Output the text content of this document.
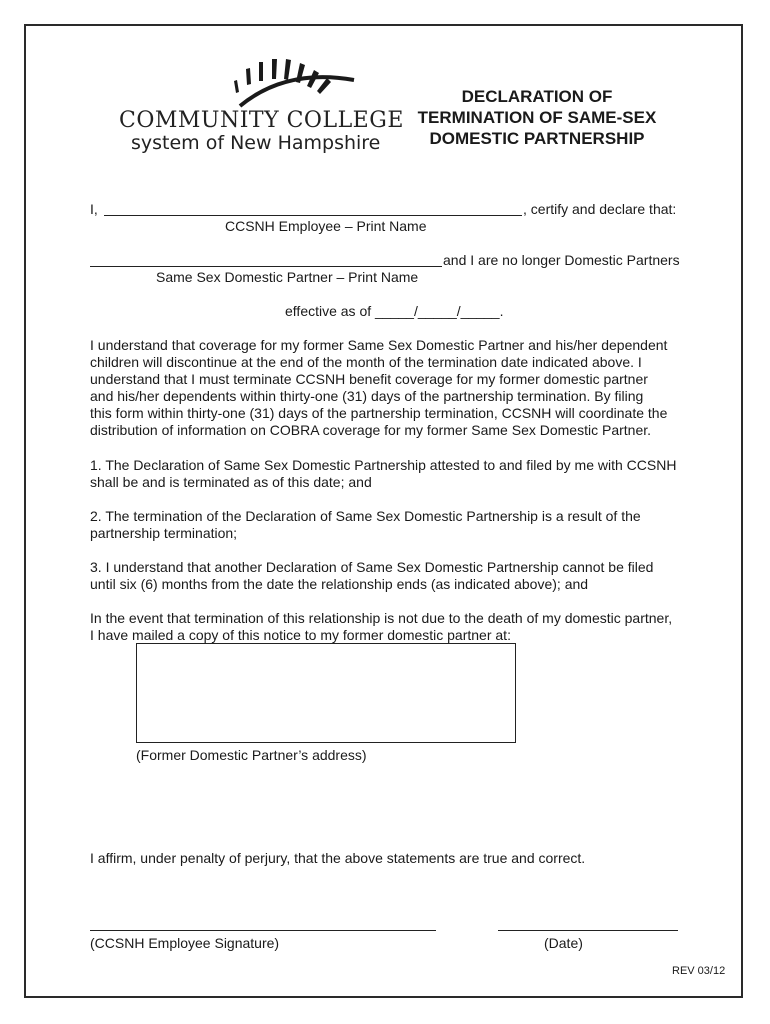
COMMUNITY COLLEGE
system of New Hampshire
DECLARATION OF
TERMINATION OF SAME-SEX
DOMESTIC PARTNERSHIP
I,	, certify and declare that:
CCSNH Employee – Print Name
and I are no longer Domestic Partners
Same Sex Domestic Partner – Print Name
effective as of _____/_____/_____.
I understand that coverage for my former Same Sex Domestic Partner and his/her dependent
children will discontinue at the end of the month of the termination date indicated above. I
understand that I must terminate CCSNH benefit coverage for my former domestic partner
and his/her dependents within thirty-one (31) days of the partnership termination. By filing
this form within thirty-one (31) days of the partnership termination, CCSNH will coordinate the
distribution of information on COBRA coverage for my former Same Sex Domestic Partner.
1. The Declaration of Same Sex Domestic Partnership attested to and filed by me with CCSNH
shall be and is terminated as of this date; and
2. The termination of the Declaration of Same Sex Domestic Partnership is a result of the
partnership termination;
3. I understand that another Declaration of Same Sex Domestic Partnership cannot be filed
until six (6) months from the date the relationship ends (as indicated above); and
In the event that termination of this relationship is not due to the death of my domestic partner,
I have mailed a copy of this notice to my former domestic partner at:
(Former Domestic Partner’s address)
I affirm, under penalty of perjury, that the above statements are true and correct.
(CCSNH Employee Signature)	(Date)
REV 03/12
